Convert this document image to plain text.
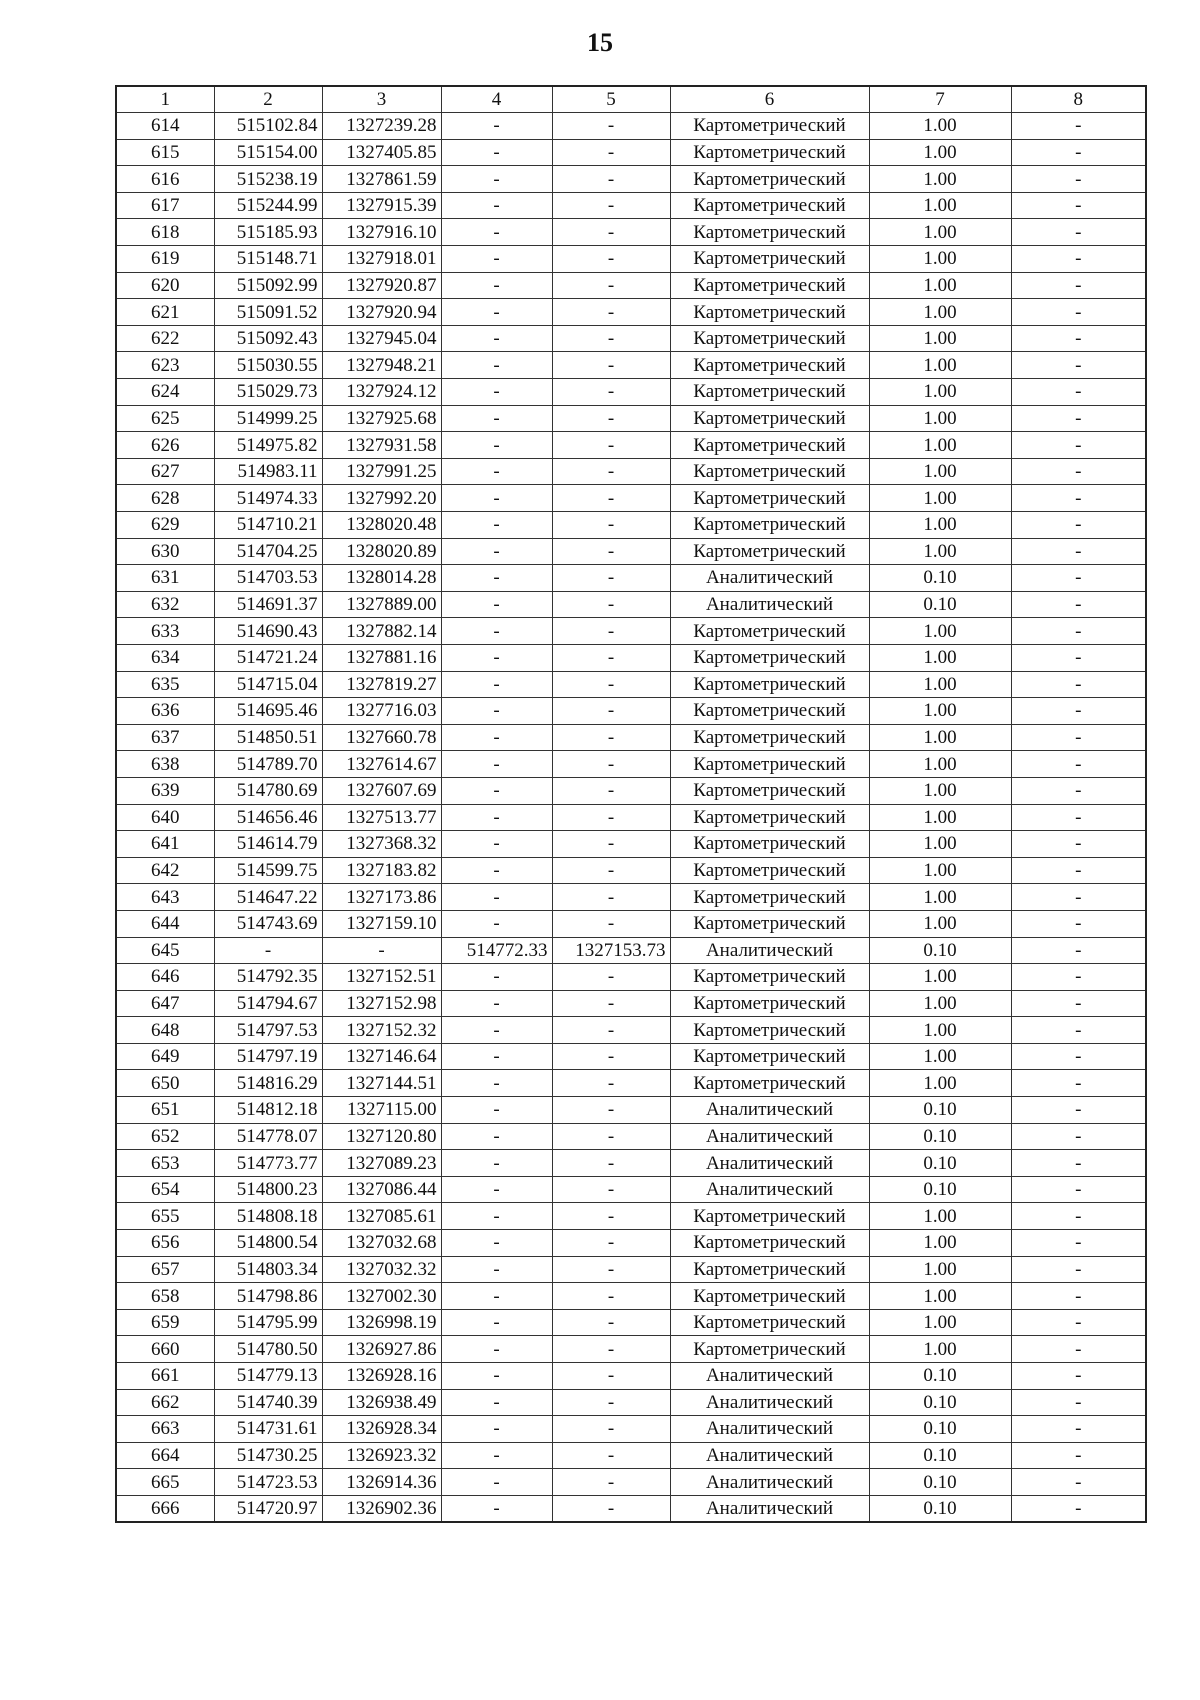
15
1	2	3	4	5	6	7	8
614	515102.84	1327239.28	-	-	Картометрический	1.00	-
615	515154.00	1327405.85	-	-	Картометрический	1.00	-
616	515238.19	1327861.59	-	-	Картометрический	1.00	-
617	515244.99	1327915.39	-	-	Картометрический	1.00	-
618	515185.93	1327916.10	-	-	Картометрический	1.00	-
619	515148.71	1327918.01	-	-	Картометрический	1.00	-
620	515092.99	1327920.87	-	-	Картометрический	1.00	-
621	515091.52	1327920.94	-	-	Картометрический	1.00	-
622	515092.43	1327945.04	-	-	Картометрический	1.00	-
623	515030.55	1327948.21	-	-	Картометрический	1.00	-
624	515029.73	1327924.12	-	-	Картометрический	1.00	-
625	514999.25	1327925.68	-	-	Картометрический	1.00	-
626	514975.82	1327931.58	-	-	Картометрический	1.00	-
627	514983.11	1327991.25	-	-	Картометрический	1.00	-
628	514974.33	1327992.20	-	-	Картометрический	1.00	-
629	514710.21	1328020.48	-	-	Картометрический	1.00	-
630	514704.25	1328020.89	-	-	Картометрический	1.00	-
631	514703.53	1328014.28	-	-	Аналитический	0.10	-
632	514691.37	1327889.00	-	-	Аналитический	0.10	-
633	514690.43	1327882.14	-	-	Картометрический	1.00	-
634	514721.24	1327881.16	-	-	Картометрический	1.00	-
635	514715.04	1327819.27	-	-	Картометрический	1.00	-
636	514695.46	1327716.03	-	-	Картометрический	1.00	-
637	514850.51	1327660.78	-	-	Картометрический	1.00	-
638	514789.70	1327614.67	-	-	Картометрический	1.00	-
639	514780.69	1327607.69	-	-	Картометрический	1.00	-
640	514656.46	1327513.77	-	-	Картометрический	1.00	-
641	514614.79	1327368.32	-	-	Картометрический	1.00	-
642	514599.75	1327183.82	-	-	Картометрический	1.00	-
643	514647.22	1327173.86	-	-	Картометрический	1.00	-
644	514743.69	1327159.10	-	-	Картометрический	1.00	-
645	-	-	514772.33	1327153.73	Аналитический	0.10	-
646	514792.35	1327152.51	-	-	Картометрический	1.00	-
647	514794.67	1327152.98	-	-	Картометрический	1.00	-
648	514797.53	1327152.32	-	-	Картометрический	1.00	-
649	514797.19	1327146.64	-	-	Картометрический	1.00	-
650	514816.29	1327144.51	-	-	Картометрический	1.00	-
651	514812.18	1327115.00	-	-	Аналитический	0.10	-
652	514778.07	1327120.80	-	-	Аналитический	0.10	-
653	514773.77	1327089.23	-	-	Аналитический	0.10	-
654	514800.23	1327086.44	-	-	Аналитический	0.10	-
655	514808.18	1327085.61	-	-	Картометрический	1.00	-
656	514800.54	1327032.68	-	-	Картометрический	1.00	-
657	514803.34	1327032.32	-	-	Картометрический	1.00	-
658	514798.86	1327002.30	-	-	Картометрический	1.00	-
659	514795.99	1326998.19	-	-	Картометрический	1.00	-
660	514780.50	1326927.86	-	-	Картометрический	1.00	-
661	514779.13	1326928.16	-	-	Аналитический	0.10	-
662	514740.39	1326938.49	-	-	Аналитический	0.10	-
663	514731.61	1326928.34	-	-	Аналитический	0.10	-
664	514730.25	1326923.32	-	-	Аналитический	0.10	-
665	514723.53	1326914.36	-	-	Аналитический	0.10	-
666	514720.97	1326902.36	-	-	Аналитический	0.10	-
